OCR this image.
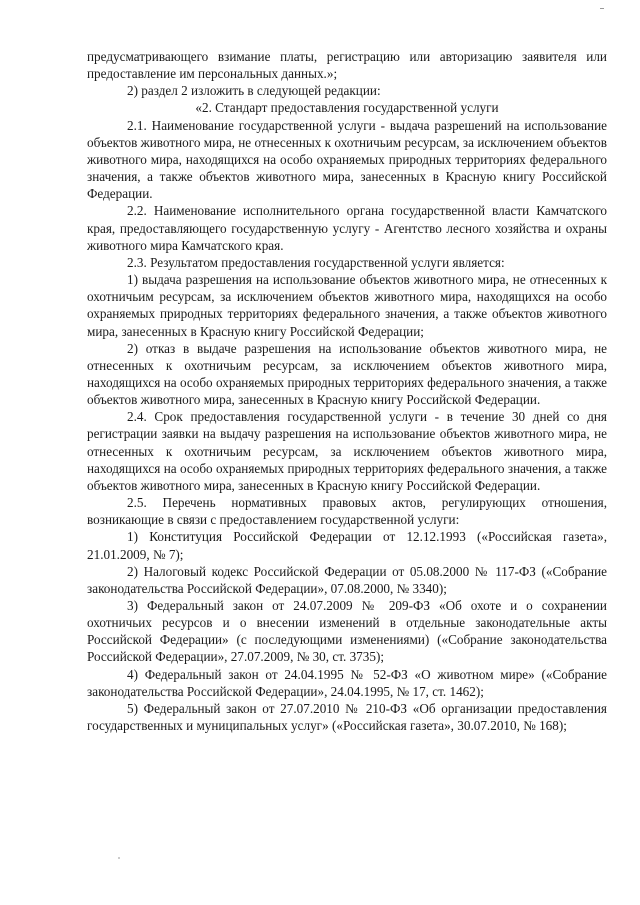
предусматривающего взимание платы, регистрацию или авторизацию заявителя или предоставление им персональных данных.»;

2) раздел 2 изложить в следующей редакции:

«2. Стандарт предоставления государственной услуги

2.1. Наименование государственной услуги - выдача разрешений на использование объектов животного мира, не отнесенных к охотничьим ресурсам, за исключением объектов животного мира, находящихся на особо охраняемых природных территориях федерального значения, а также объектов животного мира, занесенных в Красную книгу Российской Федерации.

2.2. Наименование исполнительного органа государственной власти Камчатского края, предоставляющего государственную услугу - Агентство лесного хозяйства и охраны животного мира Камчатского края.

2.3. Результатом предоставления государственной услуги является:

1) выдача разрешения на использование объектов животного мира, не отнесенных к охотничьим ресурсам, за исключением объектов животного мира, находящихся на особо охраняемых природных территориях федерального значения, а также объектов животного мира, занесенных в Красную книгу Российской Федерации;

2) отказ в выдаче разрешения на использование объектов животного мира, не отнесенных к охотничьим ресурсам, за исключением объектов животного мира, находящихся на особо охраняемых природных территориях федерального значения, а также объектов животного мира, занесенных в Красную книгу Российской Федерации.

2.4. Срок предоставления государственной услуги - в течение 30 дней со дня регистрации заявки на выдачу разрешения на использование объектов животного мира, не отнесенных к охотничьим ресурсам, за исключением объектов животного мира, находящихся на особо охраняемых природных территориях федерального значения, а также объектов животного мира, занесенных в Красную книгу Российской Федерации.

2.5. Перечень нормативных правовых актов, регулирующих отношения, возникающие в связи с предоставлением государственной услуги:

1) Конституция Российской Федерации от 12.12.1993 («Российская газета», 21.01.2009, № 7);

2) Налоговый кодекс Российской Федерации от 05.08.2000 № 117-ФЗ («Собрание законодательства Российской Федерации», 07.08.2000, № 3340);

3) Федеральный закон от 24.07.2009 № 209-ФЗ «Об охоте и о сохранении охотничьих ресурсов и о внесении изменений в отдельные законодательные акты Российской Федерации» (с последующими изменениями) («Собрание законодательства Российской Федерации», 27.07.2009, № 30, ст. 3735);

4) Федеральный закон от 24.04.1995 № 52-ФЗ «О животном мире» («Собрание законодательства Российской Федерации», 24.04.1995, № 17, ст. 1462);

5) Федеральный закон от 27.07.2010 № 210-ФЗ «Об организации предоставления государственных и муниципальных услуг» («Российская газета», 30.07.2010, № 168);
